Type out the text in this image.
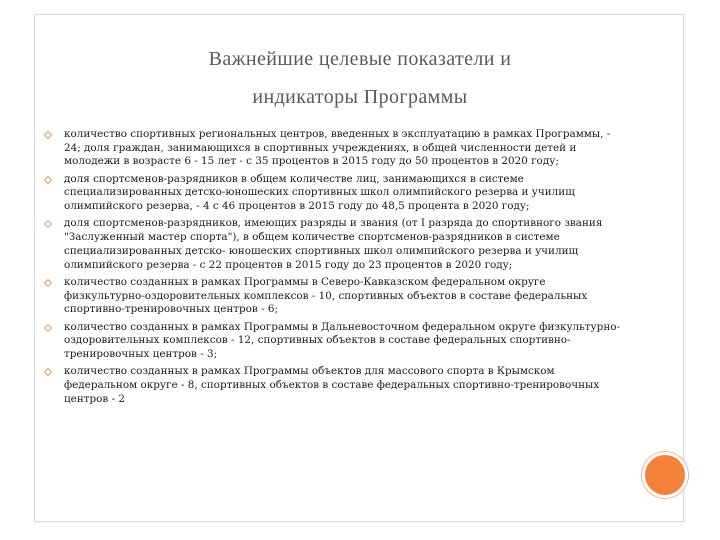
Важнейшие целевые показатели и
индикаторы Программы
количество спортивных региональных центров, введенных в эксплуатацию в рамках Программы, - 24; доля граждан, занимающихся в спортивных учреждениях, в общей численности детей и молодежи в возрасте 6 - 15 лет - с 35 процентов в 2015 году до 50 процентов в 2020 году;
доля спортсменов-разрядников в общем количестве лиц, занимающихся в системе специализированных детско-юношеских спортивных школ олимпийского резерва и училищ олимпийского резерва, - 4 с 46 процентов в 2015 году до 48,5 процента в 2020 году;
доля спортсменов-разрядников, имеющих разряды и звания (от I разряда до спортивного звания "Заслуженный мастер спорта"), в общем количестве спортсменов-разрядников в системе специализированных детско- юношеских спортивных школ олимпийского резерва и училищ олимпийского резерва - с 22 процентов в 2015 году до 23 процентов в 2020 году;
количество созданных в рамках Программы в Северо-Кавказском федеральном округе физкультурно-оздоровительных комплексов - 10, спортивных объектов в составе федеральных спортивно-тренировочных центров - 6;
количество созданных в рамках Программы в Дальневосточном федеральном округе физкультурно-оздоровительных комплексов - 12, спортивных объектов в составе федеральных спортивно-тренировочных центров - 3;
количество созданных в рамках Программы объектов для массового спорта в Крымском федеральном округе - 8, спортивных объектов в составе федеральных спортивно-тренировочных центров - 2
